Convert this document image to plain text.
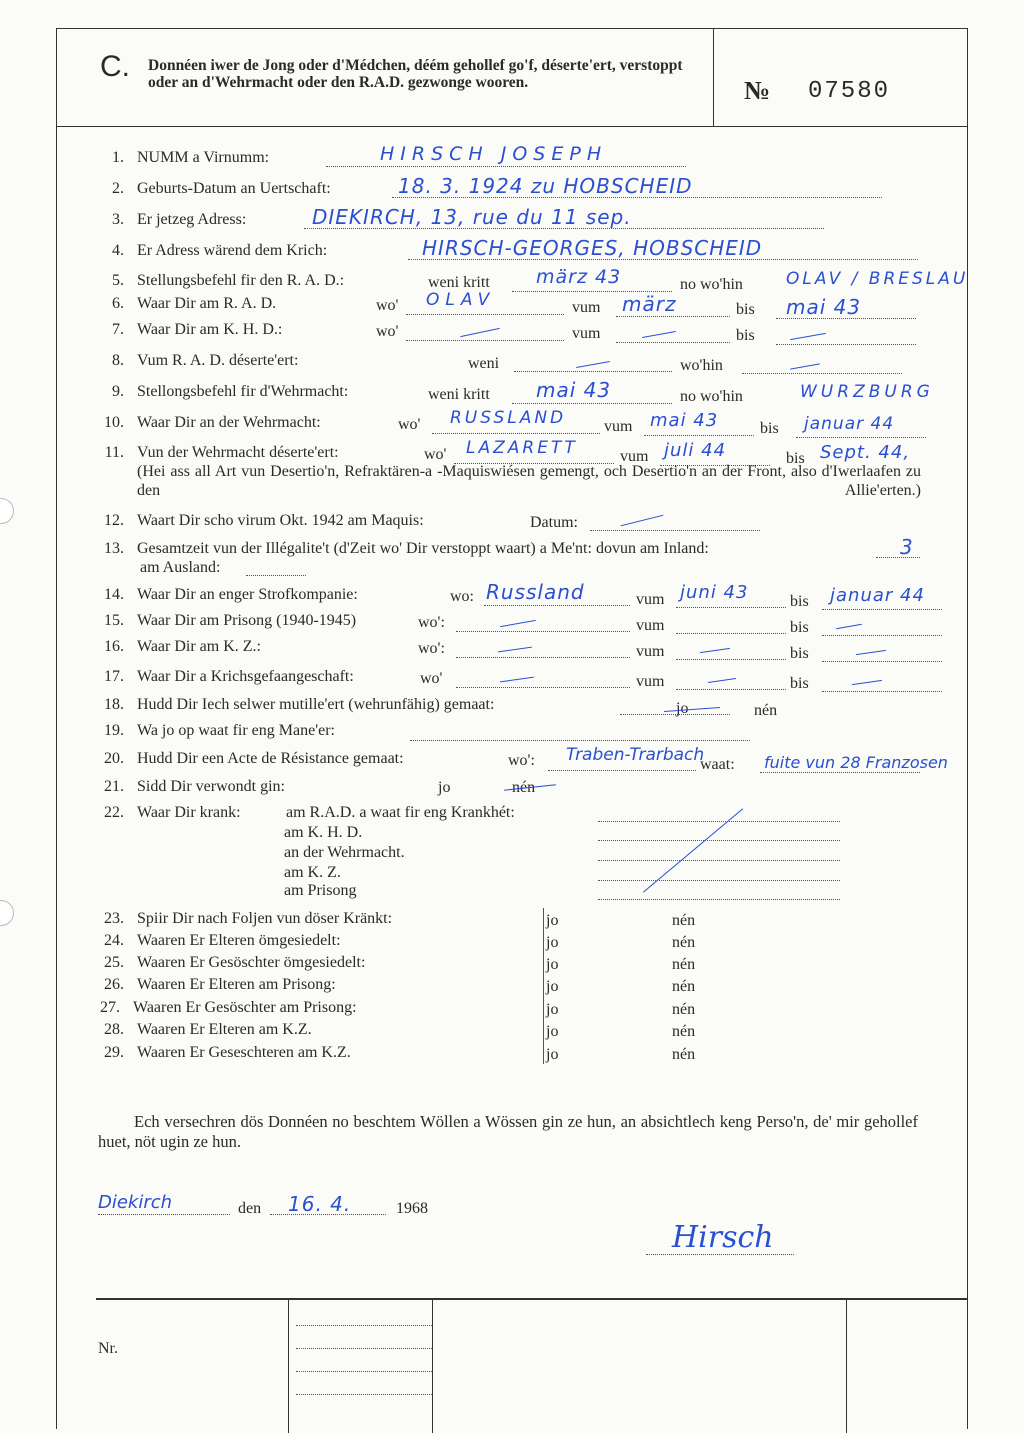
C. Donnéen iwer de Jong oder d'Médchen, déém gehollef go'f, déserte'ert, verstoppt oder an d'Wehrmacht oder den R.A.D. gezwonge wooren.	№ 07580
1. NUMM a Virnumm:	HIRSCH JOSEPH
2. Geburts-Datum an Uertschaft:	18. 3. 1924 zu HOBSCHEID
3. Er jetzeg Adress:	DIEKIRCH, 13, rue du 11 sep.
4. Er Adress wärend dem Krich:	HIRSCH-GEORGES, HOBSCHEID
5. Stellungsbefehl fir den R. A. D.:	weni kritt märz 43	no wo'hin	OLAV / BRESLAU
6. Waar Dir am R. A. D.	wo' OLAV	vum märz	bis mai 43
7. Waar Dir am K. H. D.:	wo'	vum	bis
8. Vum R. A. D. déserte'ert:	weni	wo'hin
9. Stellongsbefehl fir d'Wehrmacht:	weni kritt mai 43	no wo'hin	WURZBURG
10. Waar Dir an der Wehrmacht:	wo' RUSSLAND vum mai 43	bis januar 44
11. Vun der Wehrmacht déserte'ert:	wo' LAZARETT	vum juli 44	bis Sept. 44,
(Hei ass all Art vun Desertio'n, Refraktären-a -Maquiswiésen gemengt, och Desertio'n an der Front, also d'Iwerlaafen zu den Allie'erten.)
12. Waart Dir scho virum Okt. 1942 am Maquis:	Datum:
13. Gesamtzeit vun der Illégalite't (d'Zeit wo' Dir verstoppt waart) a Me'nt: dovun am Inland:	3
am Ausland:
14. Waar Dir an enger Strofkompanie:	wo: Russland	vum juni 43	bis januar 44
15. Waar Dir am Prisong (1940-1945)	wo':	vum	bis
16. Waar Dir am K. Z.:	wo':	vum	bis
17. Waar Dir a Krichsgefaangeschaft:	wo'	vum	bis
18. Hudd Dir Iech selwer mutille'ert (wehrunfähig) gemaat:	jo	nén
19. Wa jo op waat fir eng Mane'er:
20. Hudd Dir een Acte de Résistance gemaat:	wo': Traben-Trarbach
waat: fuite vun 28 Franzosen
21. Sidd Dir verwondt gin:	jo	nén
22. Waar Dir krank:	am R.A.D. a waat fir eng Krankhét:
am K. H. D.
an der Wehrmacht.
am K. Z.
am Prisong
23. Spiir Dir nach Foljen vun döser Kränkt:	jo	nén
24. Waaren Er Elteren ömgesiedelt:	jo	nén
25. Waaren Er Gesöschter ömgesiedelt:	jo	nén
26. Waaren Er Elteren am Prisong:	jo	nén
27. Waaren Er Gesöschter am Prisong:	jo	nén
28. Waaren Er Elteren am K.Z.	jo	nén
29. Waaren Er Geseschteren am K.Z.	jo	nén
Ech versechren dös Donnéen no beschtem Wöllen a Wössen gin ze hun, an absichtlech keng Perso'n, de' mir gehollef huet, nöt ugin ze hun.
Diekirch	den 16. 4.	1968
Hirsch
Nr.
